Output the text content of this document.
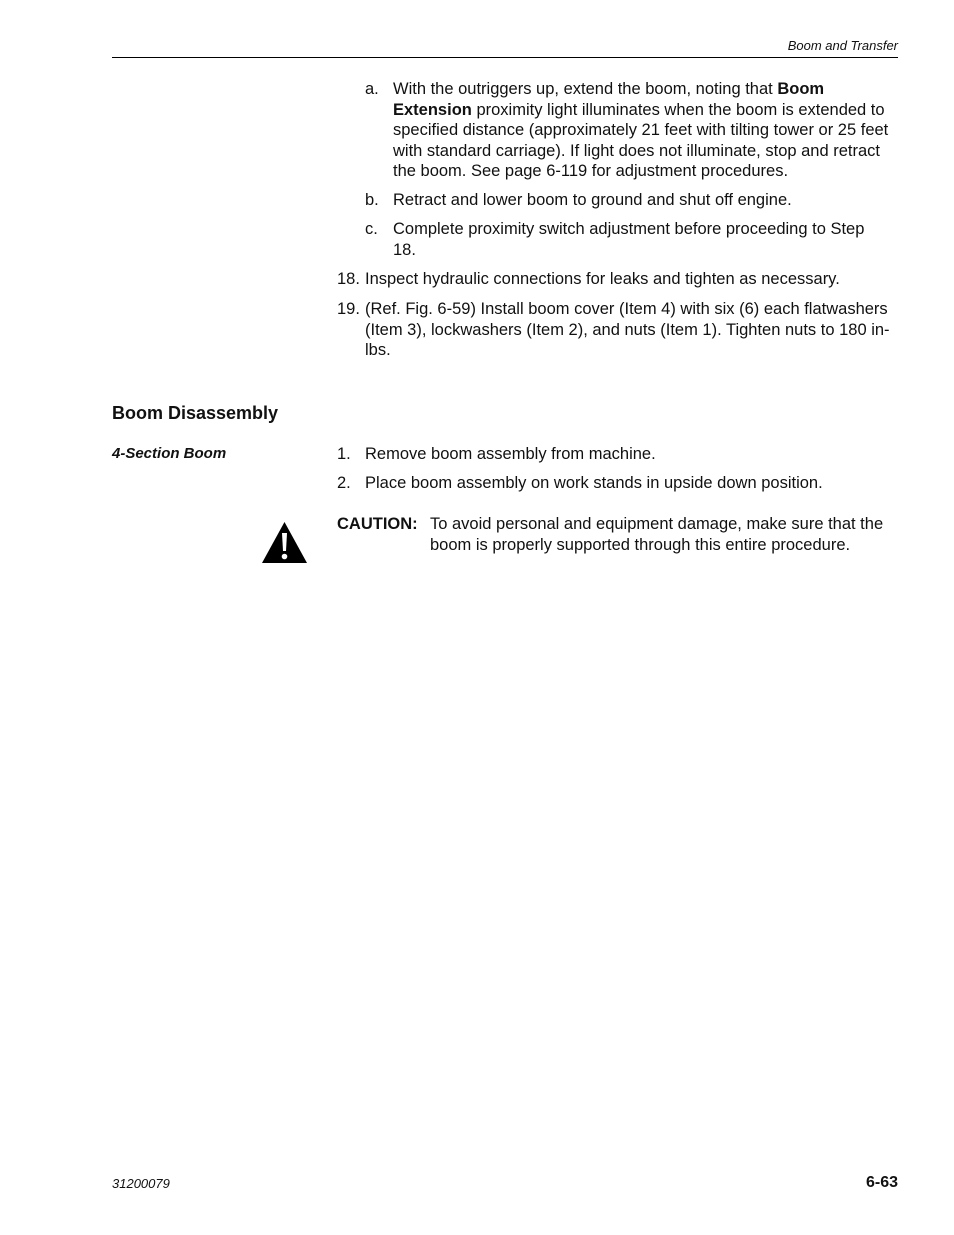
Boom and Transfer
a. With the outriggers up, extend the boom, noting that Boom Extension proximity light illuminates when the boom is extended to specified distance (approximately 21 feet with tilting tower or 25 feet with standard carriage). If light does not illuminate, stop and retract the boom. See page 6-119 for adjustment procedures.
b. Retract and lower boom to ground and shut off engine.
c. Complete proximity switch adjustment before proceeding to Step 18.
18. Inspect hydraulic connections for leaks and tighten as necessary.
19. (Ref. Fig. 6-59) Install boom cover (Item 4) with six (6) each flatwashers (Item 3), lockwashers (Item 2), and nuts (Item 1). Tighten nuts to 180 in-lbs.
Boom Disassembly
4-Section Boom	1. Remove boom assembly from machine.
2. Place boom assembly on work stands in upside down position.
CAUTION: To avoid personal and equipment damage, make sure that the boom is properly supported through this entire procedure.
31200079	6-63
